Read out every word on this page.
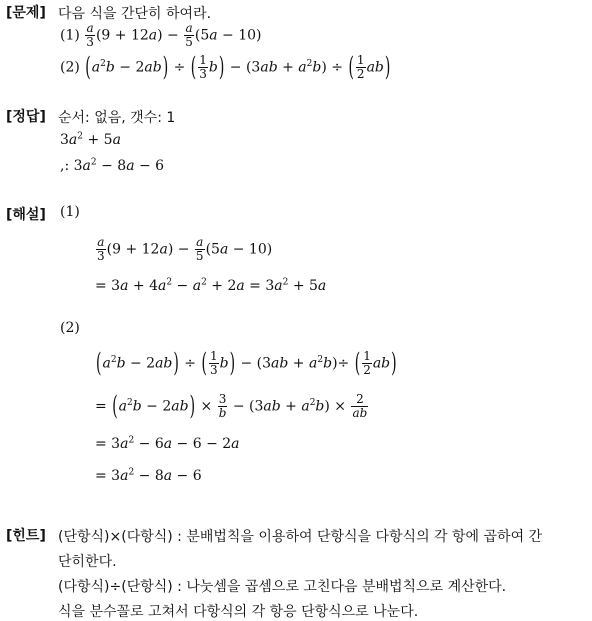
[문제] 다음 식을 간단히 하여라.
$(1) \frac{a}{3} (9 + 12a) - \frac{a}{5} (5a - 10)$
(2) $(a^2b - 2ab)$ ÷ ( $\frac{1}{3} b) - (3ab + a^2b)$ ÷ ( $\frac{1}{2} ab$)
[정답] 순서: 없음, 갯수: 1
$3a^2 + 5a$
,: $3a^2 - 8a - 6$
[해설] (1)
$\frac{a}{3} (9 + 12a) - \frac{a}{5} (5a - 10)$
= $3a + 4a^2 - a^2 + 2a = 3a^2 + 5a$
(2)
$(a^2b - 2ab)$ ÷ ( $\frac{1}{3} b) - (3ab + a^2b)\div$ ( $\frac{1}{2} ab$)
= $(a^2b - 2ab) \times \frac{3}{b} - (3ab + a^2b) \times \frac{2}{ab}$
= $3a^2 - 6a - 6 - 2a$
= $3a^2 - 8a - 6$
[힌트] (단항식)×(다항식) : 분배법칙을 이용하여 단항식을 다항식의 각 항에 곱하여 간
단히한다.
(다항식)÷(단항식) : 나눗셈을 곱셈으로 고친다음 분배법칙으로 계산한다.
식을 분수꼴로 고쳐서 다항식의 각 항응 단항식으로 나눈다.
